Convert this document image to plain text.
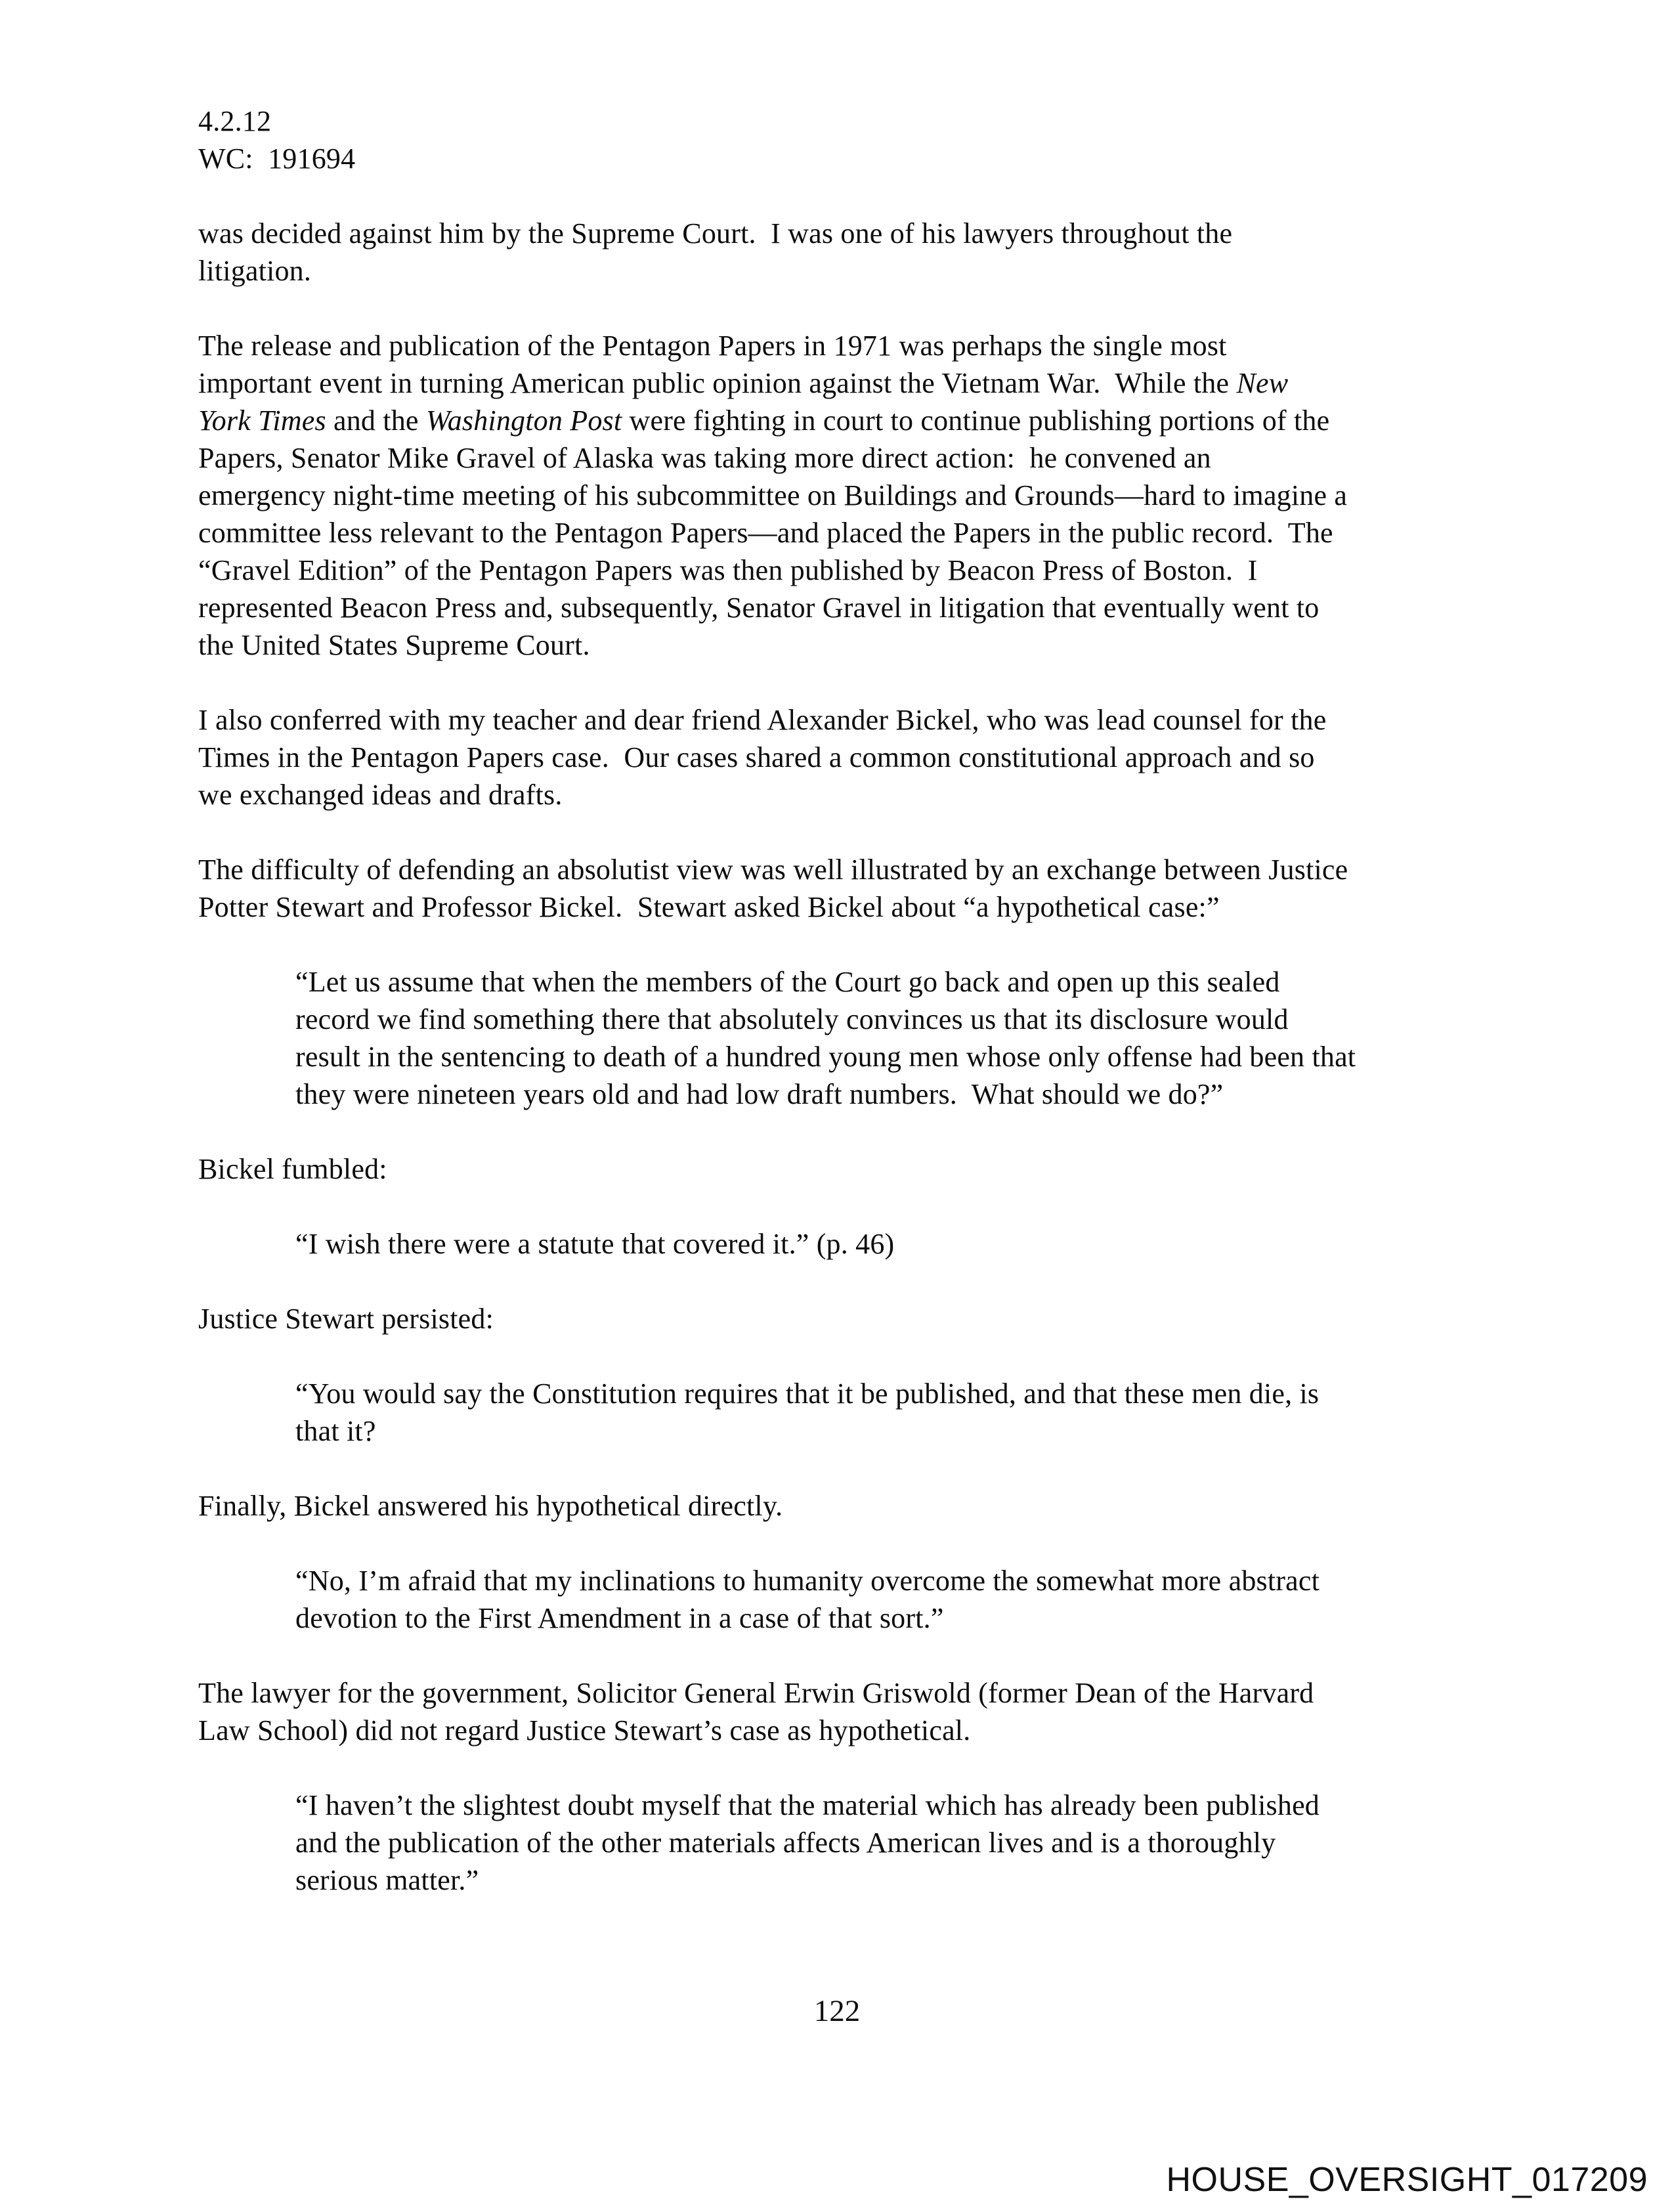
4.2.12
WC:  191694
was decided against him by the Supreme Court.  I was one of his lawyers throughout the
litigation.
The release and publication of the Pentagon Papers in 1971 was perhaps the single most
important event in turning American public opinion against the Vietnam War.  While the New
York Times and the Washington Post were fighting in court to continue publishing portions of the
Papers, Senator Mike Gravel of Alaska was taking more direct action:  he convened an
emergency night-time meeting of his subcommittee on Buildings and Grounds—hard to imagine a
committee less relevant to the Pentagon Papers—and placed the Papers in the public record.  The
“Gravel Edition” of the Pentagon Papers was then published by Beacon Press of Boston.  I
represented Beacon Press and, subsequently, Senator Gravel in litigation that eventually went to
the United States Supreme Court.
I also conferred with my teacher and dear friend Alexander Bickel, who was lead counsel for the
Times in the Pentagon Papers case.  Our cases shared a common constitutional approach and so
we exchanged ideas and drafts.
The difficulty of defending an absolutist view was well illustrated by an exchange between Justice
Potter Stewart and Professor Bickel.  Stewart asked Bickel about “a hypothetical case:”
“Let us assume that when the members of the Court go back and open up this sealed
record we find something there that absolutely convinces us that its disclosure would
result in the sentencing to death of a hundred young men whose only offense had been that
they were nineteen years old and had low draft numbers.  What should we do?”
Bickel fumbled:
“I wish there were a statute that covered it.” (p. 46)
Justice Stewart persisted:
“You would say the Constitution requires that it be published, and that these men die, is
that it?
Finally, Bickel answered his hypothetical directly.
“No, I’m afraid that my inclinations to humanity overcome the somewhat more abstract
devotion to the First Amendment in a case of that sort.”
The lawyer for the government, Solicitor General Erwin Griswold (former Dean of the Harvard
Law School) did not regard Justice Stewart’s case as hypothetical.
“I haven’t the slightest doubt myself that the material which has already been published
and the publication of the other materials affects American lives and is a thoroughly
serious matter.”
122
HOUSE_OVERSIGHT_017209
